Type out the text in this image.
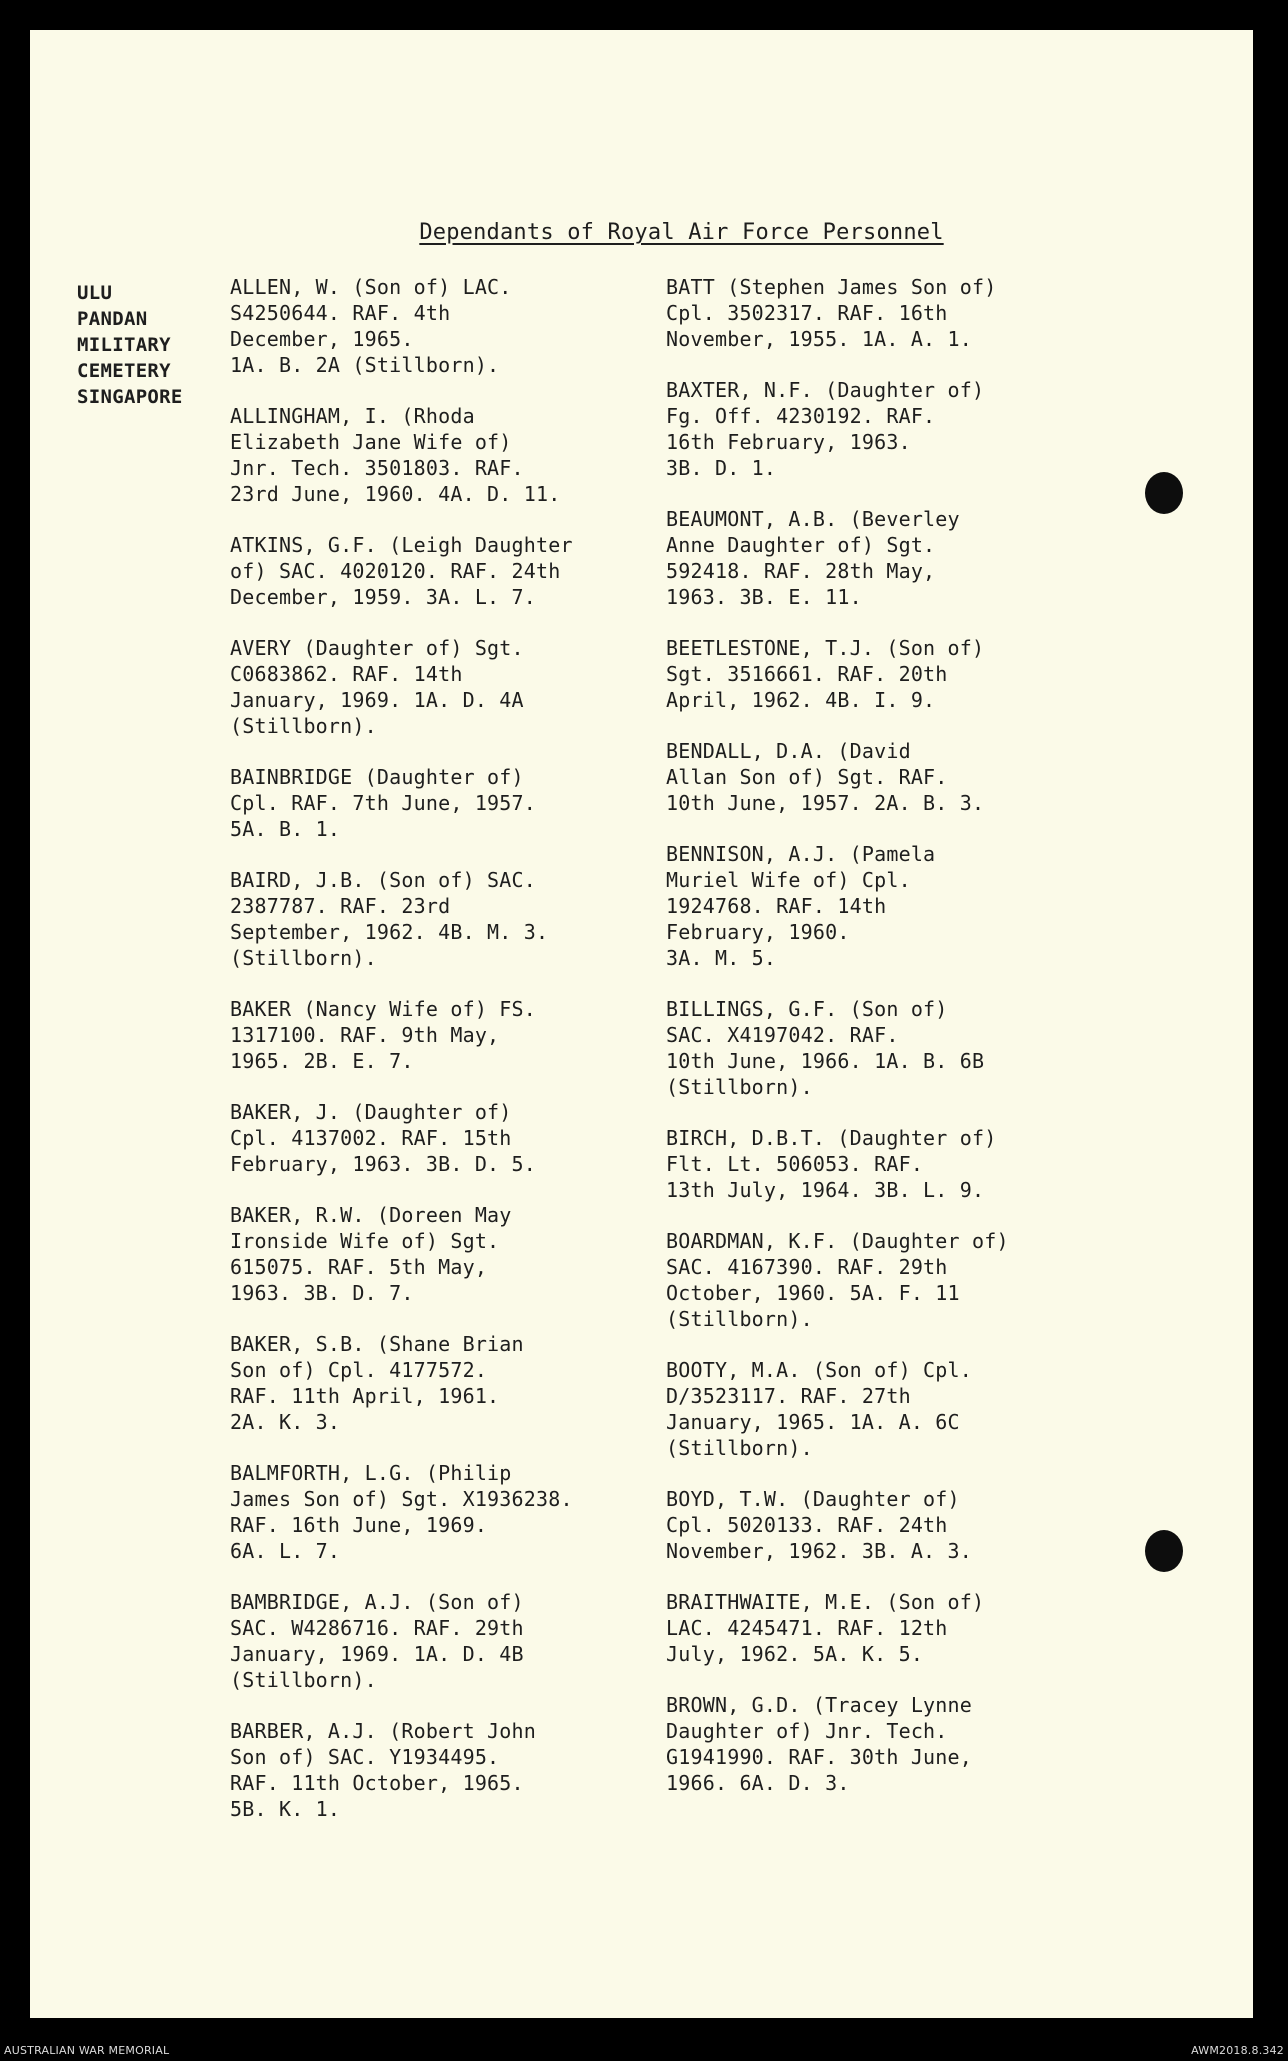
Dependants of Royal Air Force Personnel
ULU
PANDAN
MILITARY
CEMETERY
SINGAPORE
ALLEN, W. (Son of) LAC.
S4250644. RAF. 4th
December, 1965.
1A. B. 2A (Stillborn).
ALLINGHAM, I. (Rhoda
Elizabeth Jane Wife of)
Jnr. Tech. 3501803. RAF.
23rd June, 1960. 4A. D. 11.
ATKINS, G.F. (Leigh Daughter
of) SAC. 4020120. RAF. 24th
December, 1959. 3A. L. 7.
AVERY (Daughter of) Sgt.
C0683862. RAF. 14th
January, 1969. 1A. D. 4A
(Stillborn).
BAINBRIDGE (Daughter of)
Cpl. RAF. 7th June, 1957.
5A. B. 1.
BAIRD, J.B. (Son of) SAC.
2387787. RAF. 23rd
September, 1962. 4B. M. 3.
(Stillborn).
BAKER (Nancy Wife of) FS.
1317100. RAF. 9th May,
1965. 2B. E. 7.
BAKER, J. (Daughter of)
Cpl. 4137002. RAF. 15th
February, 1963. 3B. D. 5.
BAKER, R.W. (Doreen May
Ironside Wife of) Sgt.
615075. RAF. 5th May,
1963. 3B. D. 7.
BAKER, S.B. (Shane Brian
Son of) Cpl. 4177572.
RAF. 11th April, 1961.
2A. K. 3.
BALMFORTH, L.G. (Philip
James Son of) Sgt. X1936238.
RAF. 16th June, 1969.
6A. L. 7.
BAMBRIDGE, A.J. (Son of)
SAC. W4286716. RAF. 29th
January, 1969. 1A. D. 4B
(Stillborn).
BARBER, A.J. (Robert John
Son of) SAC. Y1934495.
RAF. 11th October, 1965.
5B. K. 1.
BATT (Stephen James Son of)
Cpl. 3502317. RAF. 16th
November, 1955. 1A. A. 1.
BAXTER, N.F. (Daughter of)
Fg. Off. 4230192. RAF.
16th February, 1963.
3B. D. 1.
BEAUMONT, A.B. (Beverley
Anne Daughter of) Sgt.
592418. RAF. 28th May,
1963. 3B. E. 11.
BEETLESTONE, T.J. (Son of)
Sgt. 3516661. RAF. 20th
April, 1962. 4B. I. 9.
BENDALL, D.A. (David
Allan Son of) Sgt. RAF.
10th June, 1957. 2A. B. 3.
BENNISON, A.J. (Pamela
Muriel Wife of) Cpl.
1924768. RAF. 14th
February, 1960.
3A. M. 5.
BILLINGS, G.F. (Son of)
SAC. X4197042. RAF.
10th June, 1966. 1A. B. 6B
(Stillborn).
BIRCH, D.B.T. (Daughter of)
Flt. Lt. 506053. RAF.
13th July, 1964. 3B. L. 9.
BOARDMAN, K.F. (Daughter of)
SAC. 4167390. RAF. 29th
October, 1960. 5A. F. 11
(Stillborn).
BOOTY, M.A. (Son of) Cpl.
D/3523117. RAF. 27th
January, 1965. 1A. A. 6C
(Stillborn).
BOYD, T.W. (Daughter of)
Cpl. 5020133. RAF. 24th
November, 1962. 3B. A. 3.
BRAITHWAITE, M.E. (Son of)
LAC. 4245471. RAF. 12th
July, 1962. 5A. K. 5.
BROWN, G.D. (Tracey Lynne
Daughter of) Jnr. Tech.
G1941990. RAF. 30th June,
1966. 6A. D. 3.
AUSTRALIAN WAR MEMORIAL	AWM2018.8.342
